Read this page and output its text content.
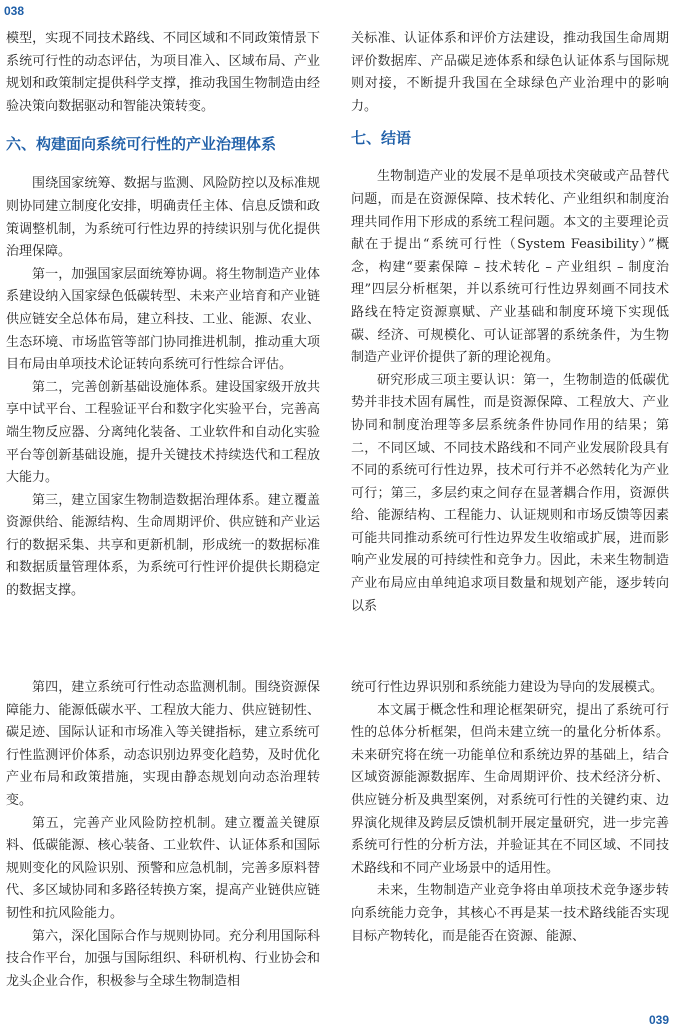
038

模型，实现不同技术路线、不同区域和不同政策情景下系统可行性的动态评估，为项目准入、区域布局、产业规划和政策制定提供科学支撑，推动我国生物制造由经验决策向数据驱动和智能决策转变。

六、构建面向系统可行性的产业治理体系

围绕国家统筹、数据与监测、风险防控以及标准规则协同建立制度化安排，明确责任主体、信息反馈和政策调整机制，为系统可行性边界的持续识别与优化提供治理保障。

第一，加强国家层面统筹协调。将生物制造产业体系建设纳入国家绿色低碳转型、未来产业培育和产业链供应链安全总体布局，建立科技、工业、能源、农业、生态环境、市场监管等部门协同推进机制，推动重大项目布局由单项技术论证转向系统可行性综合评估。

第二，完善创新基础设施体系。建设国家级开放共享中试平台、工程验证平台和数字化实验平台，完善高端生物反应器、分离纯化装备、工业软件和自动化实验平台等创新基础设施，提升关键技术持续迭代和工程放大能力。

第三，建立国家生物制造数据治理体系。建立覆盖资源供给、能源结构、生命周期评价、供应链和产业运行的数据采集、共享和更新机制，形成统一的数据标准和数据质量管理体系，为系统可行性评价提供长期稳定的数据支撑。

关标准、认证体系和评价方法建设，推动我国生命周期评价数据库、产品碳足迹体系和绿色认证体系与国际规则对接，不断提升我国在全球绿色产业治理中的影响力。

七、结语

生物制造产业的发展不是单项技术突破或产品替代问题，而是在资源保障、技术转化、产业组织和制度治理共同作用下形成的系统工程问题。本文的主要理论贡献在于提出“系统可行性（System Feasibility）”概念，构建“要素保障 – 技术转化 – 产业组织 – 制度治理”四层分析框架，并以系统可行性边界刻画不同技术路线在特定资源禀赋、产业基础和制度环境下实现低碳、经济、可规模化、可认证部署的系统条件，为生物制造产业评价提供了新的理论视角。

研究形成三项主要认识：第一，生物制造的低碳优势并非技术固有属性，而是资源保障、工程放大、产业协同和制度治理等多层系统条件协同作用的结果；第二，不同区域、不同技术路线和不同产业发展阶段具有不同的系统可行性边界，技术可行并不必然转化为产业可行；第三，多层约束之间存在显著耦合作用，资源供给、能源结构、工程能力、认证规则和市场反馈等因素可能共同推动系统可行性边界发生收缩或扩展，进而影响产业发展的可持续性和竞争力。因此，未来生物制造产业布局应由单纯追求项目数量和规划产能，逐步转向以系

第四，建立系统可行性动态监测机制。围绕资源保障能力、能源低碳水平、工程放大能力、供应链韧性、碳足迹、国际认证和市场准入等关键指标，建立系统可行性监测评价体系，动态识别边界变化趋势，及时优化产业布局和政策措施，实现由静态规划向动态治理转变。

第五，完善产业风险防控机制。建立覆盖关键原料、低碳能源、核心装备、工业软件、认证体系和国际规则变化的风险识别、预警和应急机制，完善多原料替代、多区域协同和多路径转换方案，提高产业链供应链韧性和抗风险能力。

第六，深化国际合作与规则协同。充分利用国际科技合作平台，加强与国际组织、科研机构、行业协会和龙头企业合作，积极参与全球生物制造相

统可行性边界识别和系统能力建设为导向的发展模式。

本文属于概念性和理论框架研究，提出了系统可行性的总体分析框架，但尚未建立统一的量化分析体系。未来研究将在统一功能单位和系统边界的基础上，结合区域资源能源数据库、生命周期评价、技术经济分析、供应链分析及典型案例，对系统可行性的关键约束、边界演化规律及跨层反馈机制开展定量研究，进一步完善系统可行性的分析方法，并验证其在不同区域、不同技术路线和不同产业场景中的适用性。

未来，生物制造产业竞争将由单项技术竞争逐步转向系统能力竞争，其核心不再是某一技术路线能否实现目标产物转化，而是能否在资源、能源、

039
